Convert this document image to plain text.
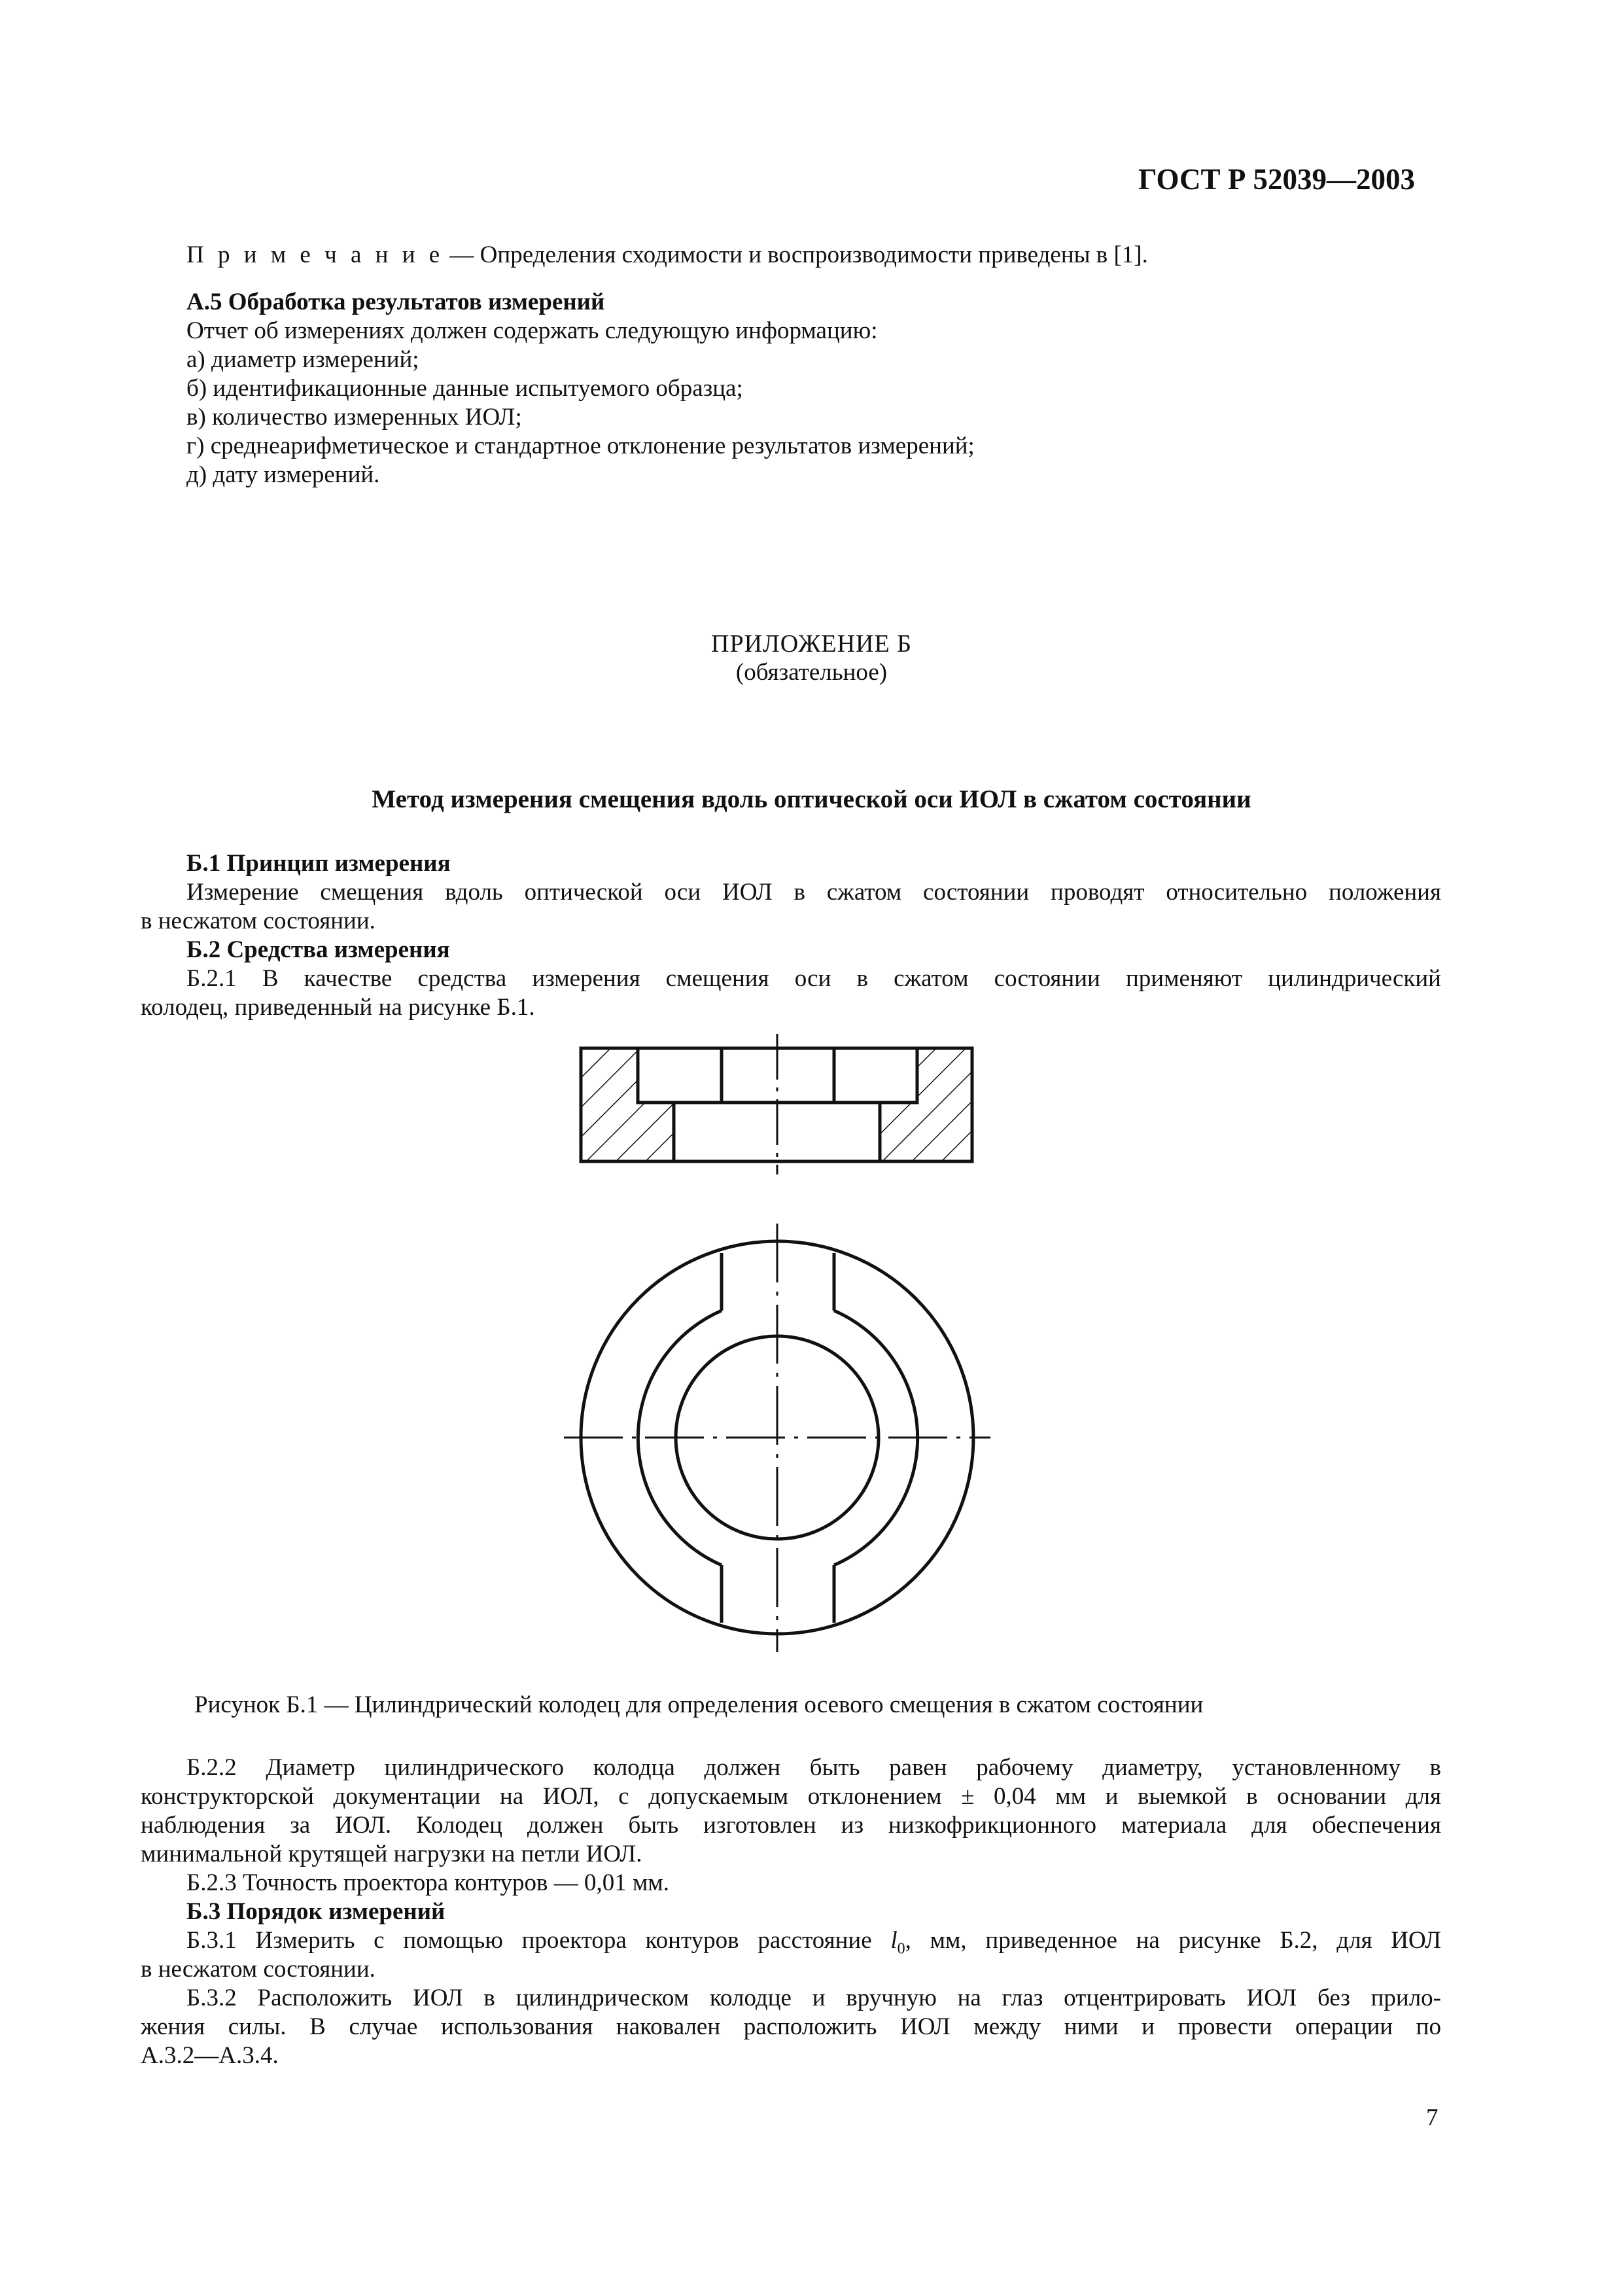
ГОСТ Р 52039—2003
П р и м е ч а н и е — Определения сходимости и воспроизводимости приведены в [1].
А.5 Обработка результатов измерений
Отчет об измерениях должен содержать следующую информацию:
а) диаметр измерений;
б) идентификационные данные испытуемого образца;
в) количество измеренных ИОЛ;
г) среднеарифметическое и стандартное отклонение результатов измерений;
д) дату измерений.
ПРИЛОЖЕНИЕ Б
(обязательное)
Метод измерения смещения вдоль оптической оси ИОЛ в сжатом состоянии
Б.1 Принцип измерения
Измерение смещения вдоль оптической оси ИОЛ в сжатом состоянии проводят относительно положения
в несжатом состоянии.
Б.2 Средства измерения
Б.2.1 В качестве средства измерения смещения оси в сжатом состоянии применяют цилиндрический
колодец, приведенный на рисунке Б.1.
Рисунок Б.1 — Цилиндрический колодец для определения осевого смещения в сжатом состоянии
Б.2.2 Диаметр цилиндрического колодца должен быть равен рабочему диаметру, установленному в
конструкторской документации на ИОЛ, с допускаемым отклонением ± 0,04 мм и выемкой в основании для
наблюдения за ИОЛ. Колодец должен быть изготовлен из низкофрикционного материала для обеспечения
минимальной крутящей нагрузки на петли ИОЛ.
Б.2.3 Точность проектора контуров — 0,01 мм.
Б.3 Порядок измерений
Б.3.1 Измерить с помощью проектора контуров расстояние $l_0$, мм, приведенное на рисунке Б.2, для ИОЛ
в несжатом состоянии.
Б.3.2 Расположить ИОЛ в цилиндрическом колодце и вручную на глаз отцентрировать ИОЛ без прило-
жения силы. В случае использования наковален расположить ИОЛ между ними и провести операции по
А.3.2—А.3.4.
7
